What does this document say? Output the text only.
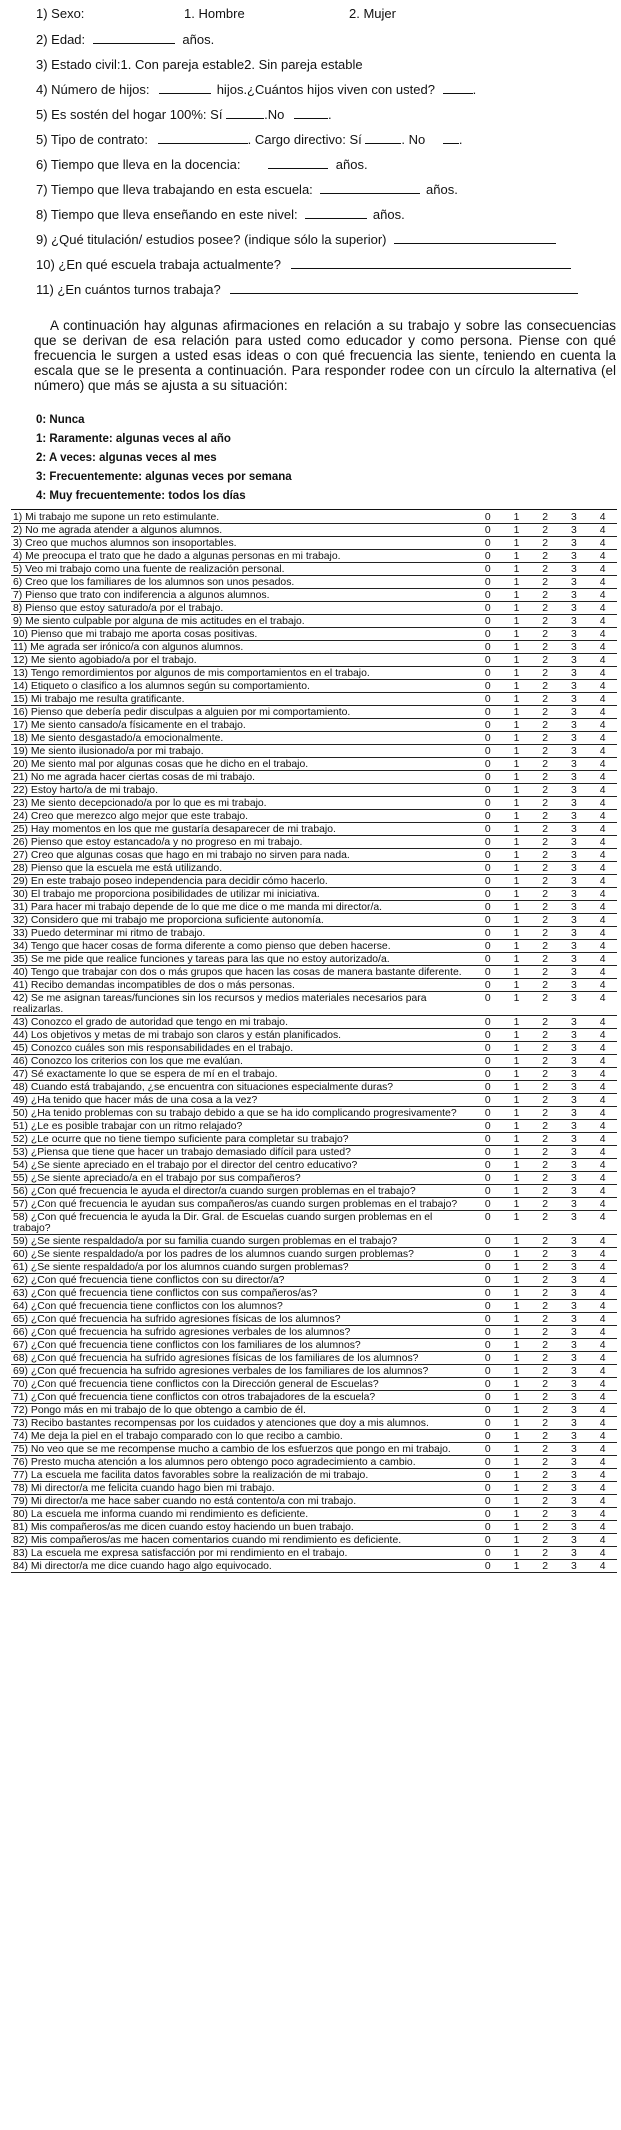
1) Sexo:	1. Hombre	2. Mujer
2) Edad:	años.
3) Estado civil:1. Con pareja estable2. Sin pareja estable
4) Número de hijos:	hijos.¿Cuántos hijos viven con usted?	.
5) Es sostén del hogar 100%: Sí	.No	.
5) Tipo de contrato:	. Cargo directivo: Sí	. No	.
6) Tiempo que lleva en la docencia:	años.
7) Tiempo que lleva trabajando en esta escuela:	años.
8) Tiempo que lleva enseñando en este nivel:	años.
9) ¿Qué titulación/ estudios posee? (indique sólo la superior)
10) ¿En qué escuela trabaja actualmente?
11) ¿En cuántos turnos trabaja?

A continuación hay algunas afirmaciones en relación a su trabajo y sobre las consecuencias que se derivan de esa relación para usted como educador y como persona. Piense con qué frecuencia le surgen a usted esas ideas o con qué frecuencia las siente, teniendo en cuenta la escala que se le presenta a continuación. Para responder rodee con un círculo la alternativa (el número) que más se ajusta a su situación:

0: Nunca
1: Raramente: algunas veces al año
2: A veces: algunas veces al mes
3: Frecuentemente: algunas veces por semana
4: Muy frecuentemente: todos los días
1) Mi trabajo me supone un reto estimulante.	0	1	2	3	4
2) No me agrada atender a algunos alumnos.	0	1	2	3	4
3) Creo que muchos alumnos son insoportables.	0	1	2	3	4
4) Me preocupa el trato que he dado a algunas personas en mi trabajo.	0	1	2	3	4
5) Veo mi trabajo como una fuente de realización personal.	0	1	2	3	4
6) Creo que los familiares de los alumnos son unos pesados.	0	1	2	3	4
7) Pienso que trato con indiferencia a algunos alumnos.	0	1	2	3	4
8) Pienso que estoy saturado/a por el trabajo.	0	1	2	3	4
9) Me siento culpable por alguna de mis actitudes en el trabajo.	0	1	2	3	4
10) Pienso que mi trabajo me aporta cosas positivas.	0	1	2	3	4
11) Me agrada ser irónico/a con algunos alumnos.	0	1	2	3	4
12) Me siento agobiado/a por el trabajo.	0	1	2	3	4
13) Tengo remordimientos por algunos de mis comportamientos en el trabajo.	0	1	2	3	4
14) Etiqueto o clasifico a los alumnos según su comportamiento.	0	1	2	3	4
15) Mi trabajo me resulta gratificante.	0	1	2	3	4
16) Pienso que debería pedir disculpas a alguien por mi comportamiento.	0	1	2	3	4
17) Me siento cansado/a físicamente en el trabajo.	0	1	2	3	4
18) Me siento desgastado/a emocionalmente.	0	1	2	3	4
19) Me siento ilusionado/a por mi trabajo.	0	1	2	3	4
20) Me siento mal por algunas cosas que he dicho en el trabajo.	0	1	2	3	4
21) No me agrada hacer ciertas cosas de mi trabajo.	0	1	2	3	4
22) Estoy harto/a de mi trabajo.	0	1	2	3	4
23) Me siento decepcionado/a por lo que es mi trabajo.	0	1	2	3	4
24) Creo que merezco algo mejor que este trabajo.	0	1	2	3	4
25) Hay momentos en los que me gustaría desaparecer de mi trabajo.	0	1	2	3	4
26) Pienso que estoy estancado/a y no progreso en mi trabajo.	0	1	2	3	4
27) Creo que algunas cosas que hago en mi trabajo no sirven para nada.	0	1	2	3	4
28) Pienso que la escuela me está utilizando.	0	1	2	3	4
29) En este trabajo poseo independencia para decidir cómo hacerlo.	0	1	2	3	4
30) El trabajo me proporciona posibilidades de utilizar mi iniciativa.	0	1	2	3	4
31) Para hacer mi trabajo depende de lo que me dice o me manda mi director/a.	0	1	2	3	4
32) Considero que mi trabajo me proporciona suficiente autonomía.	0	1	2	3	4
33) Puedo determinar mi ritmo de trabajo.	0	1	2	3	4
34) Tengo que hacer cosas de forma diferente a como pienso que deben hacerse.	0	1	2	3	4
35) Se me pide que realice funciones y tareas para las que no estoy autorizado/a.	0	1	2	3	4
40) Tengo que trabajar con dos o más grupos que hacen las cosas de manera bastante diferente.	0	1	2	3	4
41) Recibo demandas incompatibles de dos o más personas.	0	1	2	3	4
42) Se me asignan tareas/funciones sin los recursos y medios materiales necesarios para realizarlas.	0	1	2	3	4
43) Conozco el grado de autoridad que tengo en mi trabajo.	0	1	2	3	4
44) Los objetivos y metas de mi trabajo son claros y están planificados.	0	1	2	3	4
45) Conozco cuáles son mis responsabilidades en el trabajo.	0	1	2	3	4
46) Conozco los criterios con los que me evalúan.	0	1	2	3	4
47) Sé exactamente lo que se espera de mí en el trabajo.	0	1	2	3	4
48) Cuando está trabajando, ¿se encuentra con situaciones especialmente duras?	0	1	2	3	4
49) ¿Ha tenido que hacer más de una cosa a la vez?	0	1	2	3	4
50) ¿Ha tenido problemas con su trabajo debido a que se ha ido complicando progresivamente?	0	1	2	3	4
51) ¿Le es posible trabajar con un ritmo relajado?	0	1	2	3	4
52) ¿Le ocurre que no tiene tiempo suficiente para completar su trabajo?	0	1	2	3	4
53) ¿Piensa que tiene que hacer un trabajo demasiado difícil para usted?	0	1	2	3	4
54) ¿Se siente apreciado en el trabajo por el director del centro educativo?	0	1	2	3	4
55) ¿Se siente apreciado/a en el trabajo por sus compañeros?	0	1	2	3	4
56) ¿Con qué frecuencia le ayuda el director/a cuando surgen problemas en el trabajo?	0	1	2	3	4
57) ¿Con qué frecuencia le ayudan sus compañeros/as cuando surgen problemas en el trabajo?	0	1	2	3	4
58) ¿Con qué frecuencia le ayuda la Dir. Gral. de Escuelas cuando surgen problemas en el trabajo?	0	1	2	3	4
59) ¿Se siente respaldado/a por su familia cuando surgen problemas en el trabajo?	0	1	2	3	4
60) ¿Se siente respaldado/a por los padres de los alumnos cuando surgen problemas?	0	1	2	3	4
61) ¿Se siente respaldado/a por los alumnos cuando surgen problemas?	0	1	2	3	4
62) ¿Con qué frecuencia tiene conflictos con su director/a?	0	1	2	3	4
63) ¿Con qué frecuencia tiene conflictos con sus compañeros/as?	0	1	2	3	4
64) ¿Con qué frecuencia tiene conflictos con los alumnos?	0	1	2	3	4
65) ¿Con qué frecuencia ha sufrido agresiones físicas de los alumnos?	0	1	2	3	4
66) ¿Con qué frecuencia ha sufrido agresiones verbales de los alumnos?	0	1	2	3	4
67) ¿Con qué frecuencia tiene conflictos con los familiares de los alumnos?	0	1	2	3	4
68) ¿Con qué frecuencia ha sufrido agresiones físicas de los familiares de los alumnos?	0	1	2	3	4
69) ¿Con qué frecuencia ha sufrido agresiones verbales de los familiares de los alumnos?	0	1	2	3	4
70) ¿Con qué frecuencia tiene conflictos con la Dirección general de Escuelas?	0	1	2	3	4
71) ¿Con qué frecuencia tiene conflictos con otros trabajadores de la escuela?	0	1	2	3	4
72) Pongo más en mi trabajo de lo que obtengo a cambio de él.	0	1	2	3	4
73) Recibo bastantes recompensas por los cuidados y atenciones que doy a mis alumnos.	0	1	2	3	4
74) Me deja la piel en el trabajo comparado con lo que recibo a cambio.	0	1	2	3	4
75) No veo que se me recompense mucho a cambio de los esfuerzos que pongo en mi trabajo.	0	1	2	3	4
76) Presto mucha atención a los alumnos pero obtengo poco agradecimiento a cambio.	0	1	2	3	4
77) La escuela me facilita datos favorables sobre la realización de mi trabajo.	0	1	2	3	4
78) Mi director/a me felicita cuando hago bien mi trabajo.	0	1	2	3	4
79) Mi director/a me hace saber cuando no está contento/a con mi trabajo.	0	1	2	3	4
80) La escuela me informa cuando mi rendimiento es deficiente.	0	1	2	3	4
81) Mis compañeros/as me dicen cuando estoy haciendo un buen trabajo.	0	1	2	3	4
82) Mis compañeros/as me hacen comentarios cuando mi rendimiento es deficiente.	0	1	2	3	4
83) La escuela me expresa satisfacción por mi rendimiento en el trabajo.	0	1	2	3	4
84) Mi director/a me dice cuando hago algo equivocado.	0	1	2	3	4
